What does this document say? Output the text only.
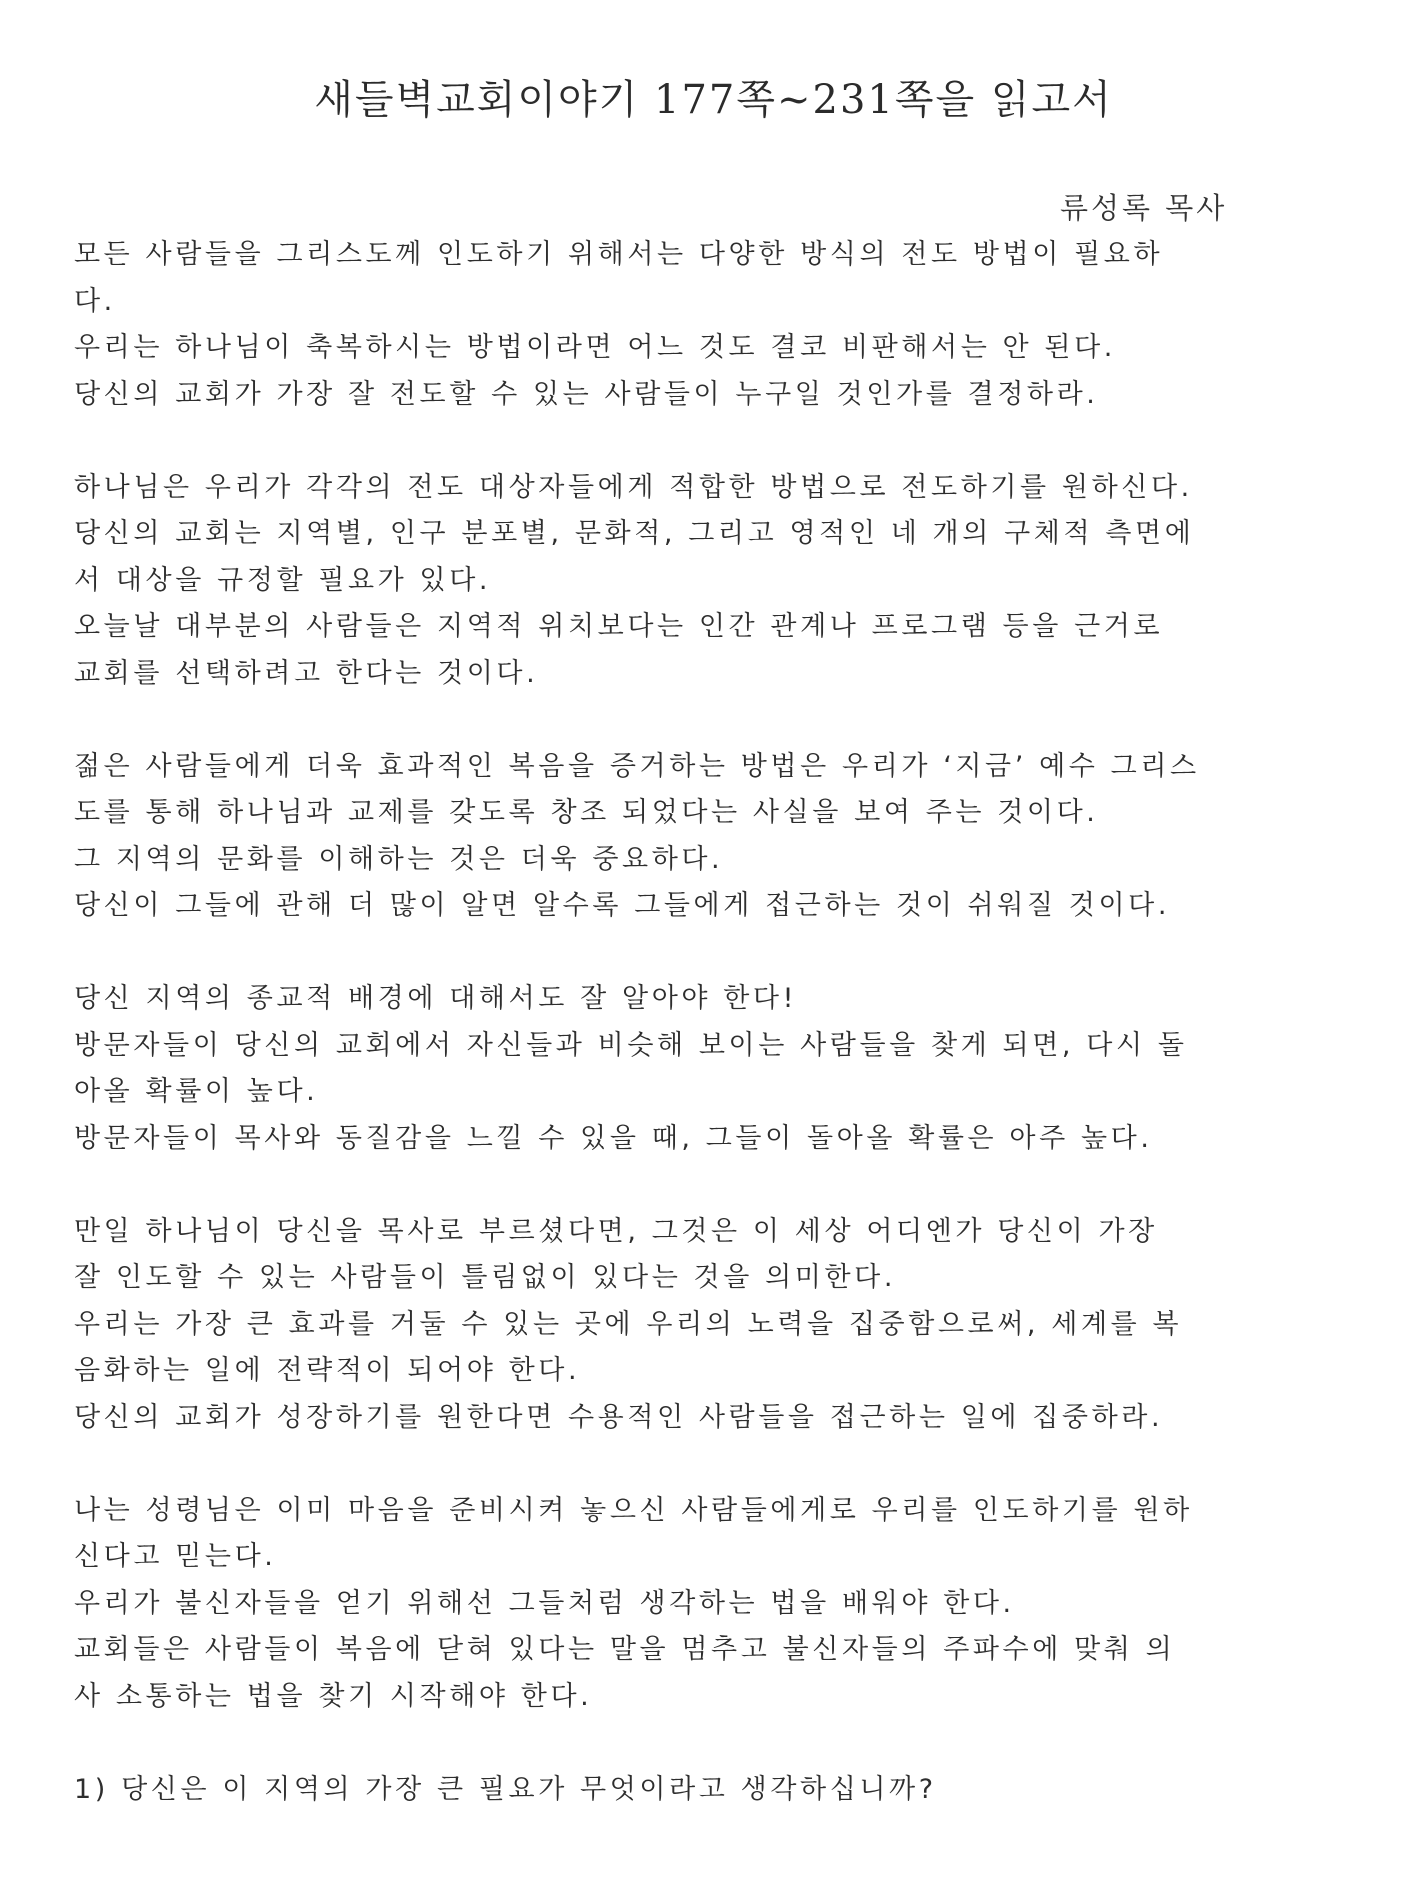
새들벽교회이야기 177쪽~231쪽을 읽고서
류성록 목사
모든 사람들을 그리스도께 인도하기 위해서는 다양한 방식의 전도 방법이 필요하
다.
우리는 하나님이 축복하시는 방법이라면 어느 것도 결코 비판해서는 안 된다.
당신의 교회가 가장 잘 전도할 수 있는 사람들이 누구일 것인가를 결정하라.
하나님은 우리가 각각의 전도 대상자들에게 적합한 방법으로 전도하기를 원하신다.
당신의 교회는 지역별, 인구 분포별, 문화적, 그리고 영적인 네 개의 구체적 측면에
서 대상을 규정할 필요가 있다.
오늘날 대부분의 사람들은 지역적 위치보다는 인간 관계나 프로그램 등을 근거로
교회를 선택하려고 한다는 것이다.
젊은 사람들에게 더욱 효과적인 복음을 증거하는 방법은 우리가 ‘지금’ 예수 그리스
도를 통해 하나님과 교제를 갖도록 창조 되었다는 사실을 보여 주는 것이다.
그 지역의 문화를 이해하는 것은 더욱 중요하다.
당신이 그들에 관해 더 많이 알면 알수록 그들에게 접근하는 것이 쉬워질 것이다.
당신 지역의 종교적 배경에 대해서도 잘 알아야 한다!
방문자들이 당신의 교회에서 자신들과 비슷해 보이는 사람들을 찾게 되면, 다시 돌
아올 확률이 높다.
방문자들이 목사와 동질감을 느낄 수 있을 때, 그들이 돌아올 확률은 아주 높다.
만일 하나님이 당신을 목사로 부르셨다면, 그것은 이 세상 어디엔가 당신이 가장
잘 인도할 수 있는 사람들이 틀림없이 있다는 것을 의미한다.
우리는 가장 큰 효과를 거둘 수 있는 곳에 우리의 노력을 집중함으로써, 세계를 복
음화하는 일에 전략적이 되어야 한다.
당신의 교회가 성장하기를 원한다면 수용적인 사람들을 접근하는 일에 집중하라.
나는 성령님은 이미 마음을 준비시켜 놓으신 사람들에게로 우리를 인도하기를 원하
신다고 믿는다.
우리가 불신자들을 얻기 위해선 그들처럼 생각하는 법을 배워야 한다.
교회들은 사람들이 복음에 닫혀 있다는 말을 멈추고 불신자들의 주파수에 맞춰 의
사 소통하는 법을 찾기 시작해야 한다.
1) 당신은 이 지역의 가장 큰 필요가 무엇이라고 생각하십니까?
